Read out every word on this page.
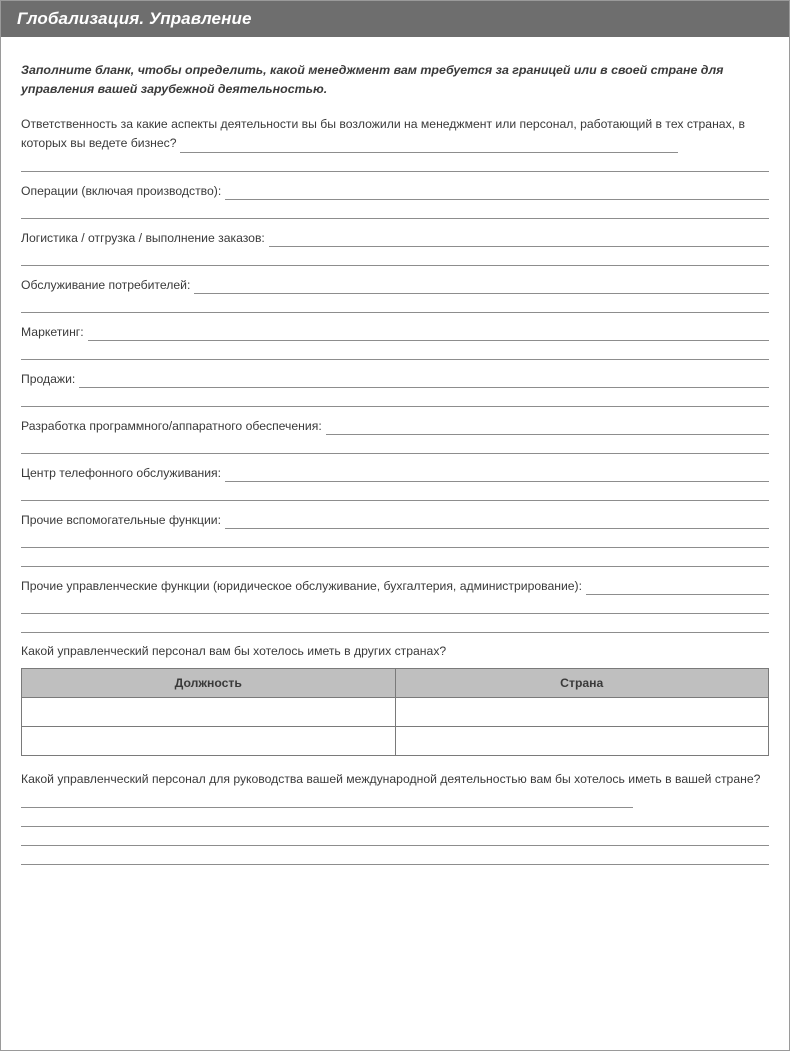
Глобализация. Управление

Заполните бланк, чтобы определить, какой менеджмент вам требуется за границей или в своей стране для управления вашей зарубежной деятельностью.

Ответственность за какие аспекты деятельности вы бы возложили на менеджмент или персонал, работающий в тех странах, в которых вы ведете бизнес?
Операции (включая производство):
Логистика / отгрузка / выполнение заказов:
Обслуживание потребителей:
Маркетинг:
Продажи:
Разработка программного/аппаратного обеспечения:
Центр телефонного обслуживания:
Прочие вспомогательные функции:
Прочие управленческие функции (юридическое обслуживание, бухгалтерия, администрирование):
Какой управленческий персонал вам бы хотелось иметь в других странах?
Должность	Страна

Какой управленческий персонал для руководства вашей международной деятельностью вам бы хотелось иметь в вашей стране?
